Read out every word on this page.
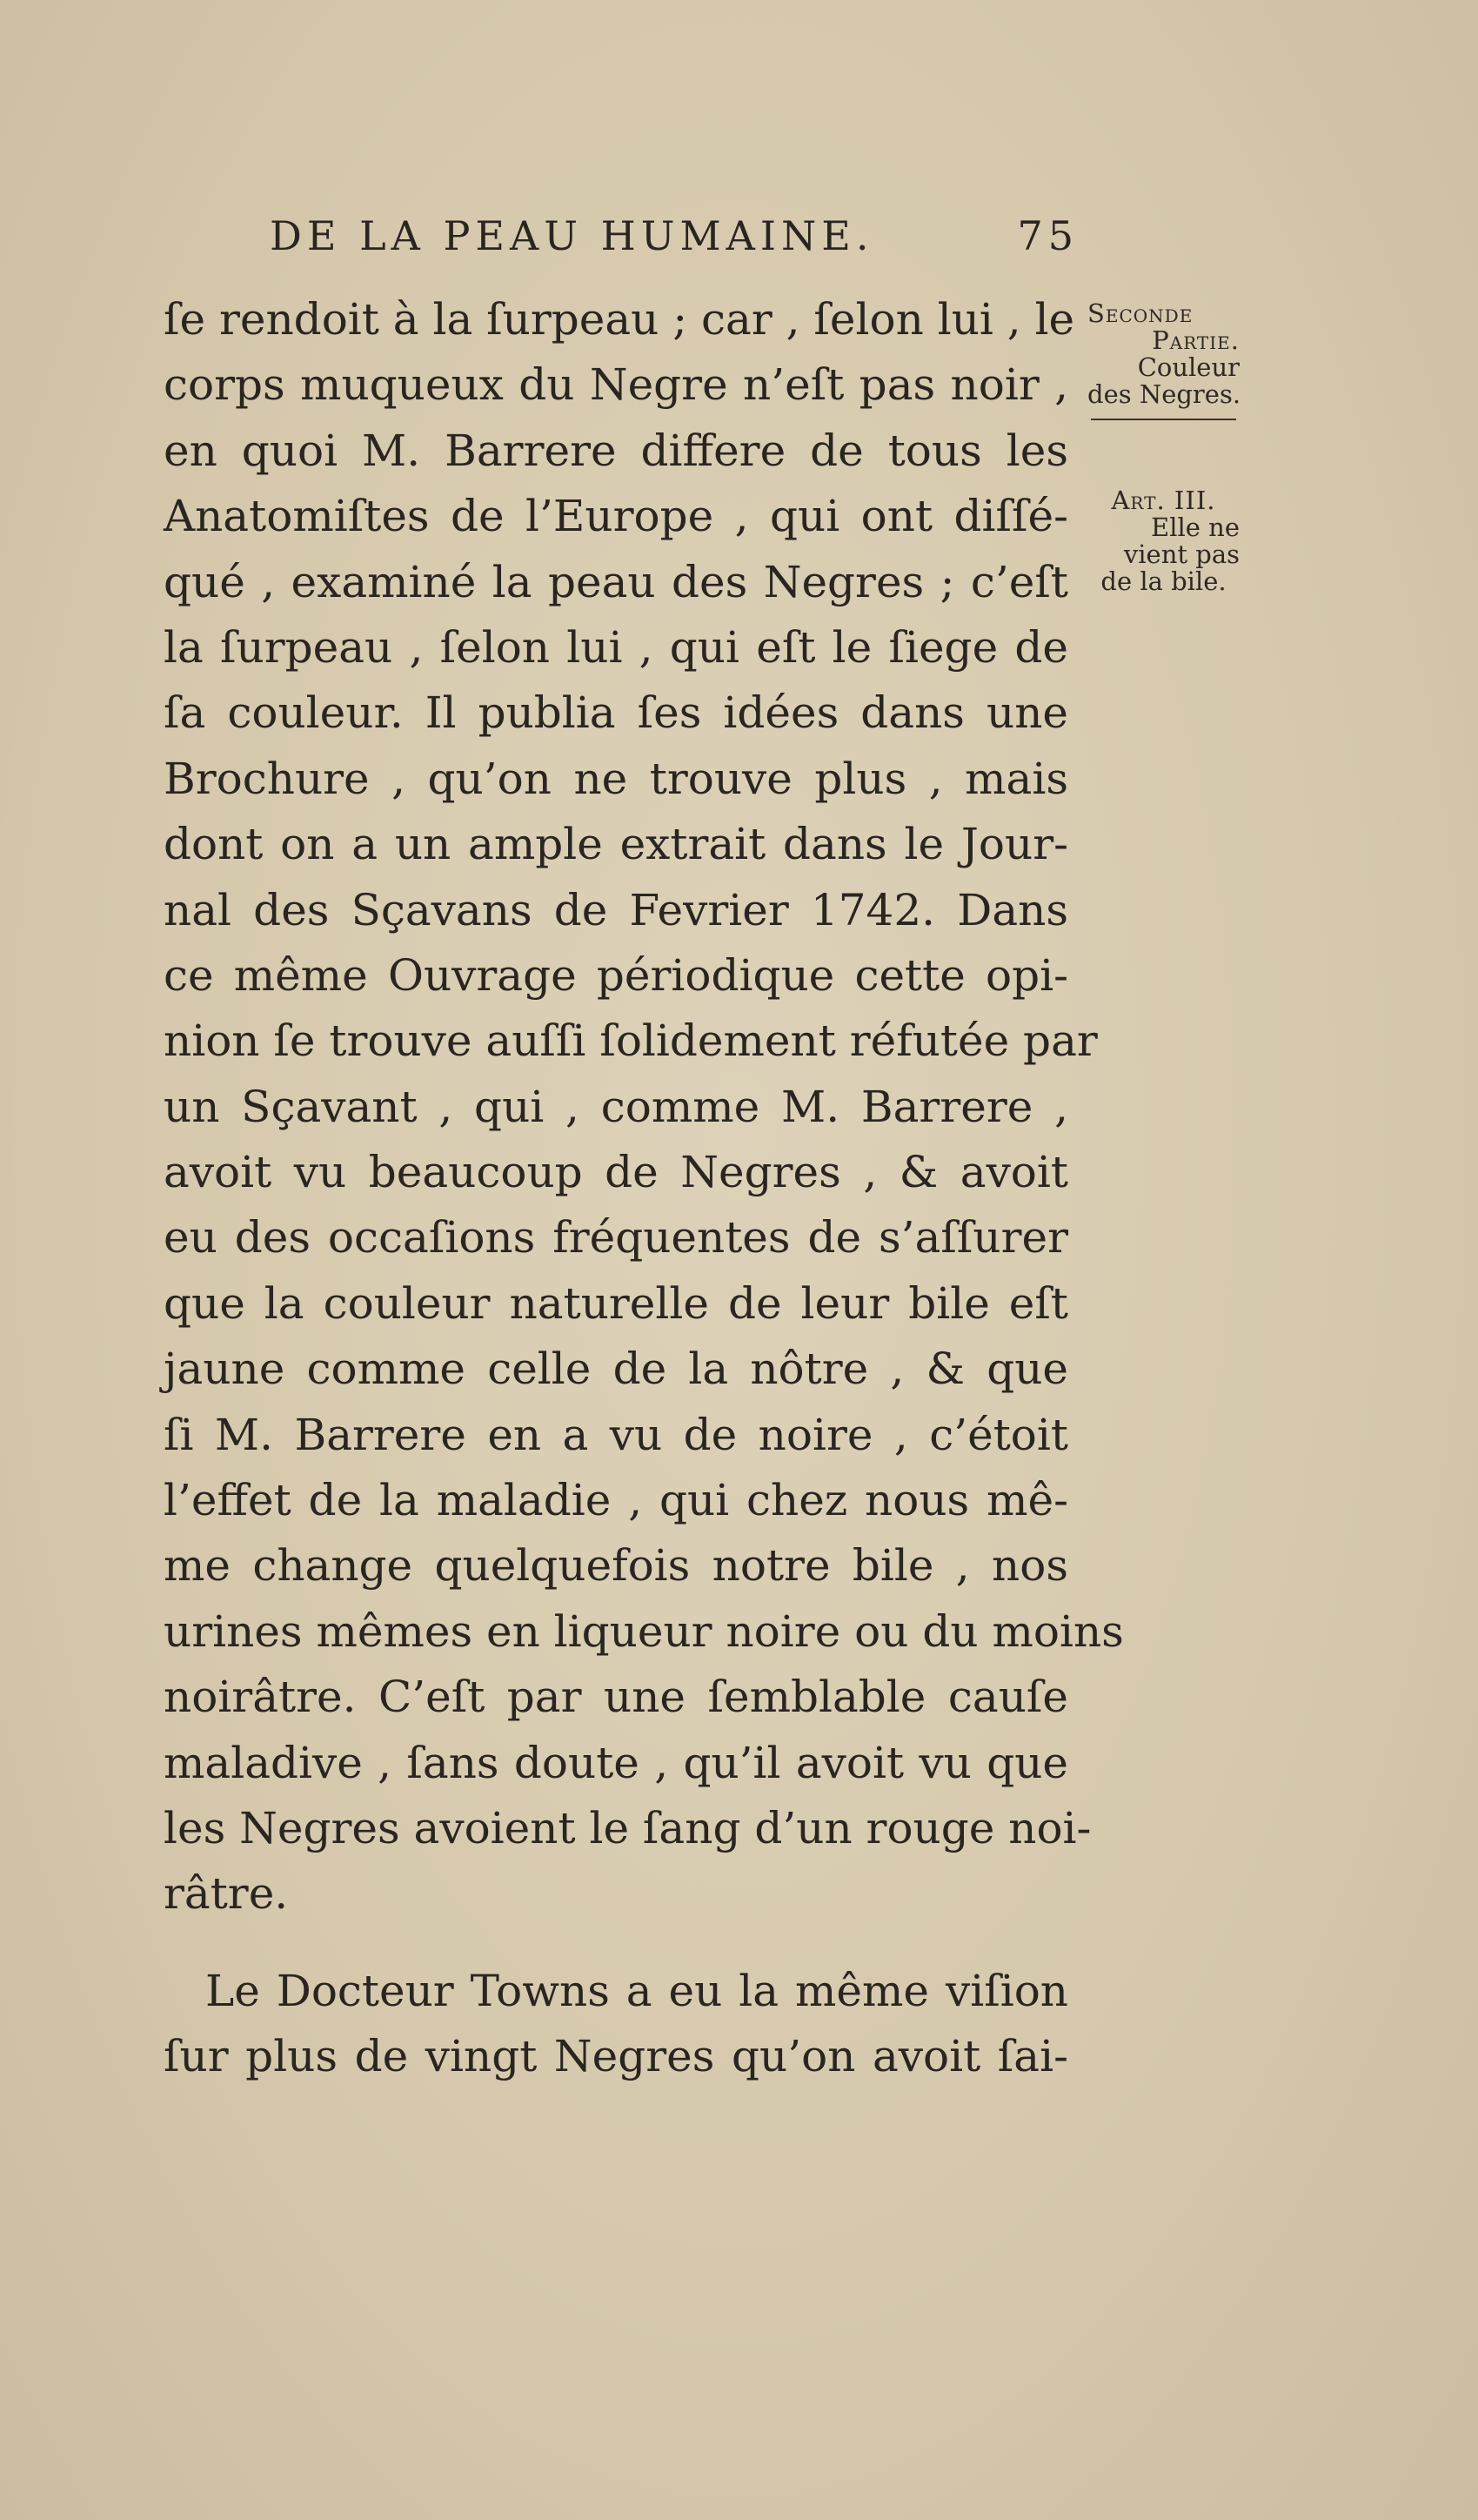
DE LA PEAU HUMAINE.	75
ſe rendoit à la ſurpeau ; car , ſelon lui , le
corps muqueux du Negre n’eſt pas noir ,
en quoi M. Barrere differe de tous les
Anatomiſtes de l’Europe , qui ont diſſé-
qué , examiné la peau des Negres ; c’eſt
la ſurpeau , ſelon lui , qui eſt le ſiege de
ſa couleur. Il publia ſes idées dans une
Brochure , qu’on ne trouve plus , mais
dont on a un ample extrait dans le Jour-
nal des Sçavans de Fevrier 1742. Dans
ce même Ouvrage périodique cette opi-
nion ſe trouve auſſi ſolidement réfutée par
un Sçavant , qui , comme M. Barrere ,
avoit vu beaucoup de Negres , & avoit
eu des occaſions fréquentes de s’aſſurer
que la couleur naturelle de leur bile eſt
jaune comme celle de la nôtre , & que
ſi M. Barrere en a vu de noire , c’étoit
l’effet de la maladie , qui chez nous mê-
me change quelquefois notre bile , nos
urines mêmes en liqueur noire ou du moins
noirâtre. C’eſt par une ſemblable cauſe
maladive , ſans doute , qu’il avoit vu que
les Negres avoient le ſang d’un rouge noi-
râtre.
Le Docteur Towns a eu la même viſion
ſur plus de vingt Negres qu’on avoit ſai-
Seconde
Partie.
Couleur
des Negres.
Art. III.
Elle ne
vient pas
de la bile.
